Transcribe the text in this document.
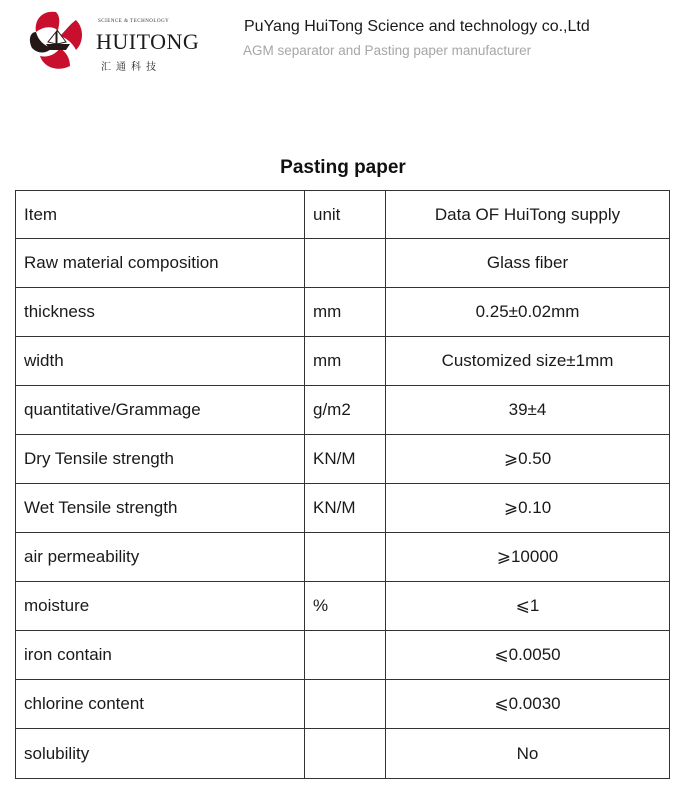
SCIENCE & TECHNOLOGY
HUITONG
汇通科技
PuYang HuiTong Science and technology co.,Ltd
AGM separator and Pasting paper manufacturer
Pasting paper
Item	unit	Data OF HuiTong supply
Raw material composition		Glass fiber
thickness	mm	0.25±0.02mm
width	mm	Customized size±1mm
quantitative/Grammage	g/m2	39±4
Dry Tensile strength	KN/M	⩾0.50
Wet Tensile strength	KN/M	⩾0.10
air permeability		⩾10000
moisture	%	⩽1
iron contain		⩽0.0050
chlorine content		⩽0.0030
solubility		No
